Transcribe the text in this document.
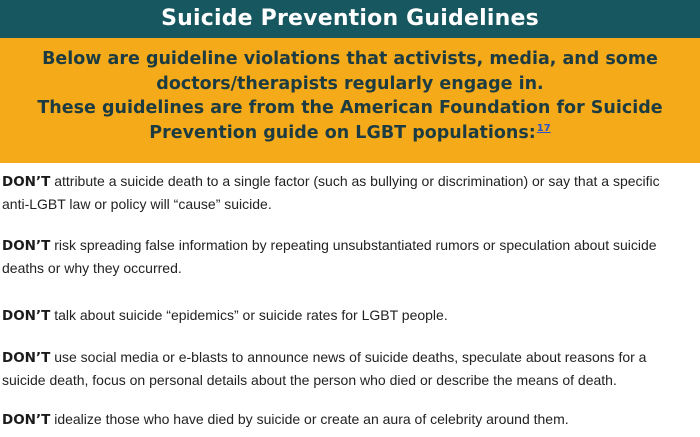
Suicide Prevention Guidelines
Below are guideline violations that activists, media, and some
doctors/therapists regularly engage in.
These guidelines are from the American Foundation for Suicide
Prevention guide on LGBT populations:$^{17}$
DON’T attribute a suicide death to a single factor (such as bullying or discrimination) or say that a specific
anti-LGBT law or policy will “cause” suicide.
DON’T risk spreading false information by repeating unsubstantiated rumors or speculation about suicide
deaths or why they occurred.
DON’T talk about suicide “epidemics” or suicide rates for LGBT people.
DON’T use social media or e-blasts to announce news of suicide deaths, speculate about reasons for a
suicide death, focus on personal details about the person who died or describe the means of death.
DON’T idealize those who have died by suicide or create an aura of celebrity around them.
